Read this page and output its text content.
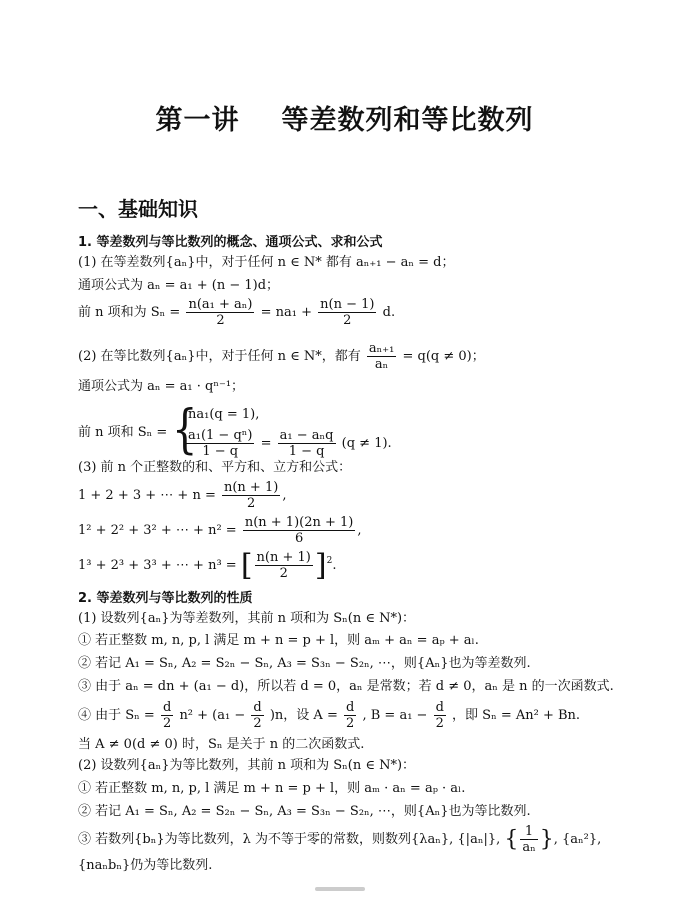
第一讲 等差数列和等比数列
一、基础知识
1. 等差数列与等比数列的概念、通项公式、求和公式
(1) 在等差数列{aₙ}中，对于任何 n ∈ N* 都有 aₙ₊₁ − aₙ = d；
通项公式为 aₙ = a₁ + (n − 1)d；
前 n 项和为 $S_n = \frac{\text{n(a₁ + aₙ)}}{2} = na_1 + \frac{n(n - 1)}{2} d$.
(2) 在等比数列{aₙ}中，对于任何 n ∈ N*，都有 $\frac{\text{aₙ₊₁}}{\text{aₙ}} = q(q \ne 0)$；
通项公式为 aₙ = a₁ · qⁿ⁻¹；
前 n 项和 Sₙ = {
na₁(q = 1),
$\frac{\text{a₁(1 − qⁿ)}}{1 - q} = \frac{\text{a₁ − aₙq}}{1 - q} (q \ne 1)$.
(3) 前 n 个正整数的和、平方和、立方和公式：
1 + 2 + 3 + ⋯ + $n = \frac{n(n + 1)}{2}$ ,
1² + 2² + 3² + ⋯ + $n^2 = \frac{n(n + 1)(2n + 1)}{6}$ ,
1³ + 2³ + 3³ + ⋯ + n³ = [ $\frac{n(n + 1)}{2} ]^2$.
2. 等差数列与等比数列的性质
(1) 设数列{aₙ}为等差数列，其前 n 项和为 Sₙ(n ∈ N*)：
① 若正整数 m, n, p, l 满足 m + n = p + l，则 aₘ + aₙ = aₚ + aₗ.
② 若记 A₁ = Sₙ, A₂ = S₂ₙ − Sₙ, A₃ = S₃ₙ − S₂ₙ, ⋯，则{Aₙ}也为等差数列.
③ 由于 aₙ = dn + (a₁ − d)，所以若 d = 0，aₙ 是常数；若 d ≠ 0，aₙ 是 n 的一次函数式.
④ 由于 $S_n = \frac{d}{2} n^2 + (a_1 - \frac{d}{2} )n$，设 $A = \frac{d}{2}$ , $B = a_1 - \frac{d}{2}$ ，即 Sₙ = An² + Bn.
当 A ≠ 0(d ≠ 0) 时，Sₙ 是关于 n 的二次函数式.
(2) 设数列{aₙ}为等比数列，其前 n 项和为 Sₙ(n ∈ N*)：
① 若正整数 m, n, p, l 满足 m + n = p + l，则 aₘ · aₙ = aₚ · aₗ.
② 若记 A₁ = Sₙ, A₂ = S₂ₙ − Sₙ, A₃ = S₃ₙ − S₂ₙ, ⋯，则{Aₙ}也为等比数列.
③ 若数列{bₙ}为等比数列，λ 为不等于零的常数，则数列{λaₙ}, {|aₙ|}, { $\frac{1}{\text{aₙ}}$ }, {aₙ²},
{naₙbₙ}仍为等比数列.
